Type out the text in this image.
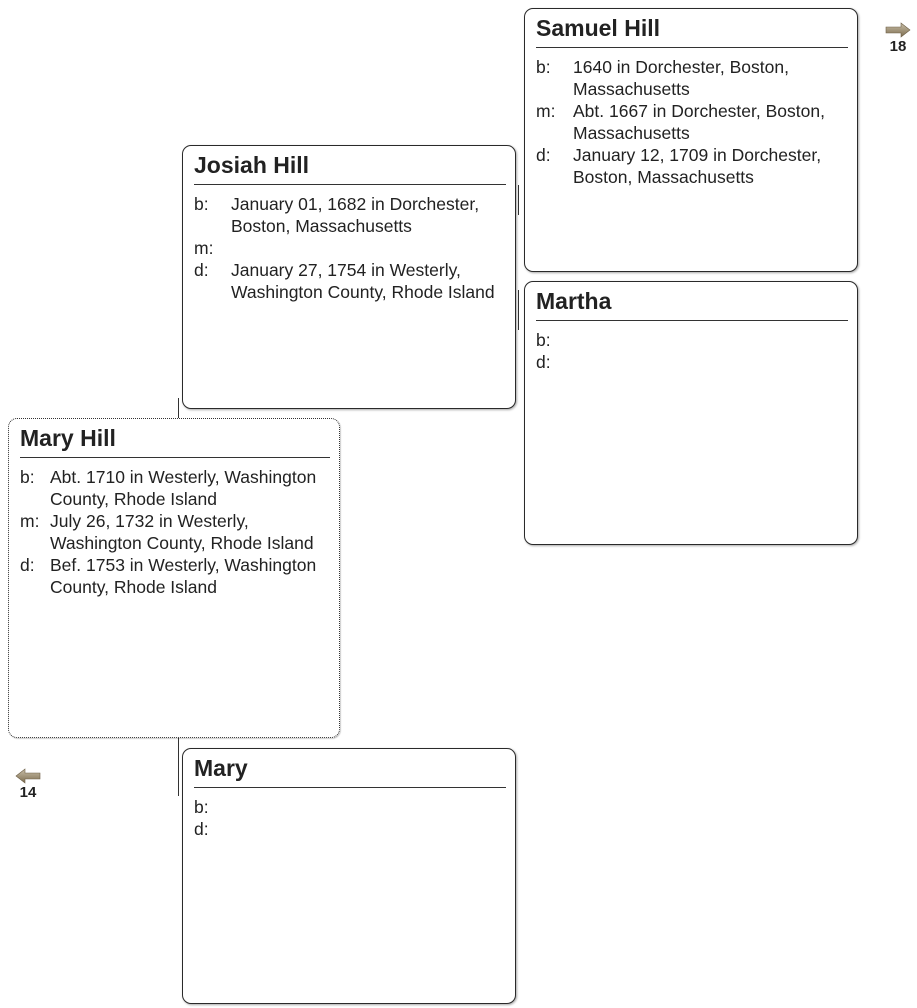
Samuel Hill
b:	1640 in Dorchester, Boston, Massachusetts
m:	Abt. 1667 in Dorchester, Boston, Massachusetts
d:	January 12, 1709 in Dorchester, Boston, Massachusetts
Martha
b:
d:
Josiah Hill
b:	January 01, 1682 in Dorchester, Boston, Massachusetts
m:
d:	January 27, 1754 in Westerly, Washington County, Rhode Island
Mary Hill
b: Abt. 1710 in Westerly, Washington County, Rhode Island
m: July 26, 1732 in Westerly, Washington County, Rhode Island
d: Bef. 1753 in Westerly, Washington County, Rhode Island
Mary
b:
d:
14
18
